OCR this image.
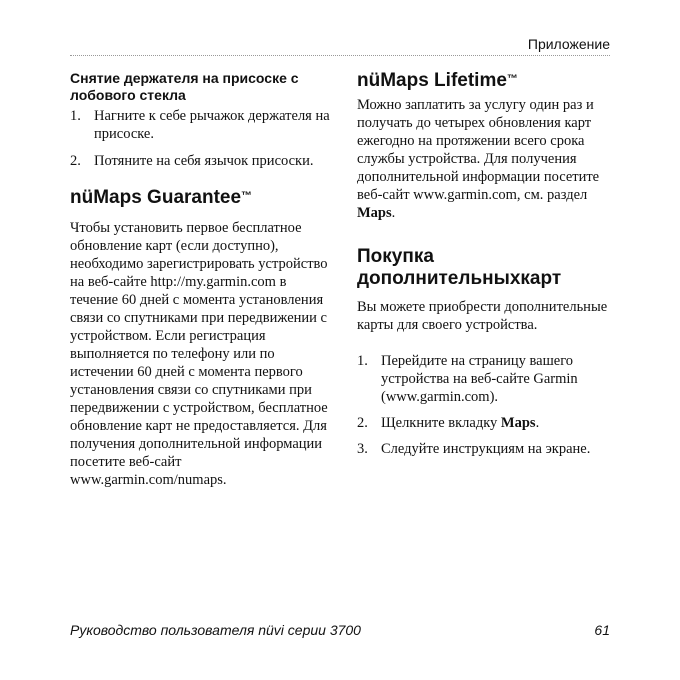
Приложение
Снятие держателя на присоске с лобового стекла
1. Нагните к себе рычажок держателя на присоске.
2. Потяните на себя язычок присоски.
nüMaps Guarantee™

Чтобы установить первое бесплатное обновление карт (если доступно), необходимо зарегистрировать устройство на веб-сайте http://my.garmin.com в течение 60 дней с момента установления связи со спутниками при передвижении с устройством. Если регистрация выполняется по телефону или по истечении 60 дней с момента первого установления связи со спутниками при передвижении с устройством, бесплатное обновление карт не предоставляется. Для получения дополнительной информации посетите веб-сайт www.garmin.com/numaps.

nüMaps Lifetime™

Можно заплатить за услугу один раз и получать до четырех обновления карт ежегодно на протяжении всего срока службы устройства. Для получения дополнительной информации посетите веб-сайт www.garmin.com, см. раздел Maps.

Покупка дополнительныхкарт

Вы можете приобрести дополнительные карты для своего устройства.

1. Перейдите на страницу вашего устройства на веб-сайте Garmin (www.garmin.com).
2. Щелкните вкладку Maps.
3. Следуйте инструкциям на экране.
Руководство пользователя nüvi серии 3700	61
